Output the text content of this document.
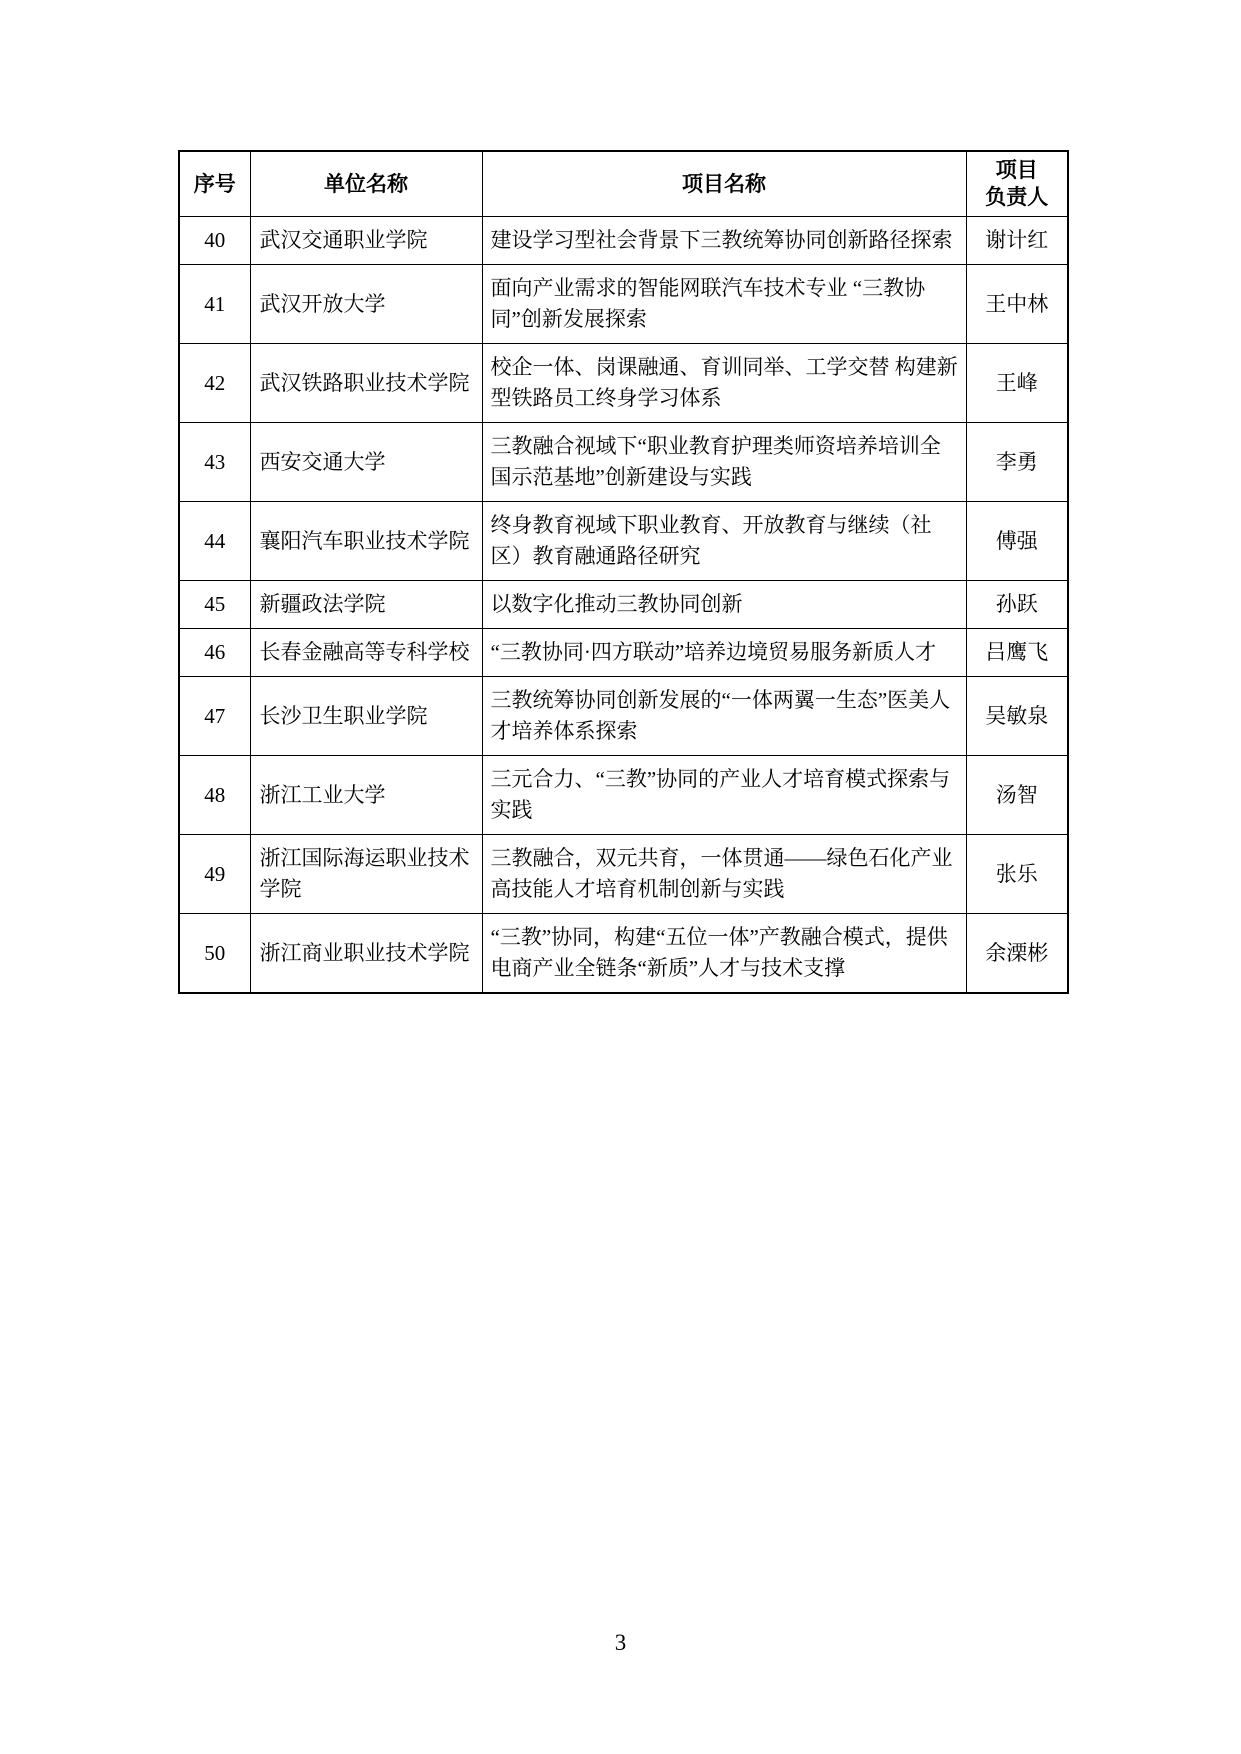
序号	单位名称	项目名称	项目
负责人

40	武汉交通职业学院	建设学习型社会背景下三教统筹协同创新路径探索	谢计红
41	武汉开放大学	面向产业需求的智能网联汽车技术专业 “三教协同”创新发展探索	王中林
42	武汉铁路职业技术学院	校企一体、岗课融通、育训同举、工学交替 构建新型铁路员工终身学习体系	王峰
43	西安交通大学	三教融合视域下“职业教育护理类师资培养培训全国示范基地”创新建设与实践	李勇
44	襄阳汽车职业技术学院	终身教育视域下职业教育、开放教育与继续（社区）教育融通路径研究	傅强
45	新疆政法学院	以数字化推动三教协同创新	孙跃
46	长春金融高等专科学校	“三教协同·四方联动”培养边境贸易服务新质人才	吕鹰飞
47	长沙卫生职业学院	三教统筹协同创新发展的“一体两翼一生态”医美人才培养体系探索	吴敏泉
48	浙江工业大学	三元合力、“三教”协同的产业人才培育模式探索与实践	汤智
49	浙江国际海运职业技术学院	三教融合，双元共育，一体贯通——绿色石化产业高技能人才培育机制创新与实践	张乐
50	浙江商业职业技术学院	“三教”协同，构建“五位一体”产教融合模式，提供电商产业全链条“新质”人才与技术支撑	余溧彬
3
